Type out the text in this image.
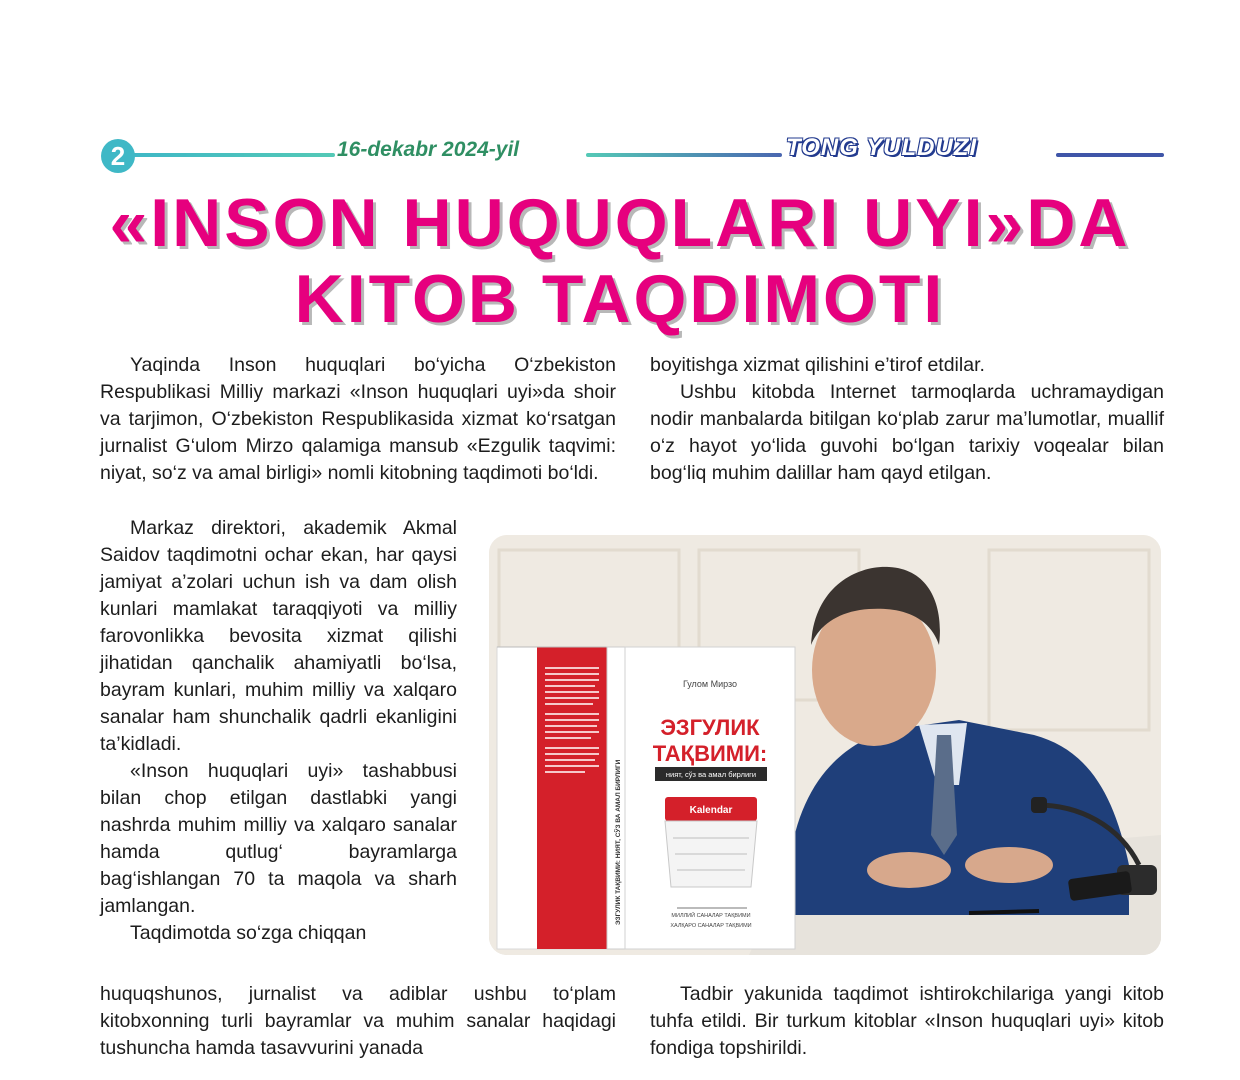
2	16-dekabr 2024-yil	TONG YULDUZI
«INSON HUQUQLARI UYI»DA
KITOB TAQDIMOTI

Yaqinda Inson huquqlari bo‘yicha O‘zbekiston Respublikasi Milliy markazi «Inson huquqlari uyi»da shoir va tarjimon, O‘zbekiston Respublikasida xizmat ko‘rsatgan jurnalist G‘ulom Mirzo qalamiga mansub «Ezgulik taqvimi: niyat, so‘z va amal birligi» nomli kitobning taqdimoti bo‘ldi.

Markaz direktori, akademik Akmal Saidov taqdimotni ochar ekan, har qaysi jamiyat a’zolari uchun ish va dam olish kunlari mamlakat taraqqiyoti va milliy farovonlikka bevosita xizmat qilishi jihatidan qanchalik ahamiyatli bo‘lsa, bayram kunlari, muhim milliy va xalqaro sanalar ham shunchalik qadrli ekanligini ta’kidladi.

«Inson huquqlari uyi» tashabbusi bilan chop etilgan dastlabki yangi nashrda muhim milliy va xalqaro sanalar hamda qutlug‘ bayramlarga bag‘ishlangan 70 ta maqola va sharh jamlangan.

Taqdimotda so‘zga chiqqan

huquqshunos, jurnalist va adiblar ushbu to‘plam kitobxonning turli bayramlar va muhim sanalar haqidagi tushuncha hamda tasavvurini yanada

boyitishga xizmat qilishini e’tirof etdilar.

Ushbu kitobda Internet tarmoqlarda uchramaydigan nodir manbalarda bitilgan ko‘plab zarur ma’lumotlar, muallif o‘z hayot yo‘lida guvohi bo‘lgan tarixiy voqealar bilan bog‘liq muhim dalillar ham qayd etilgan.

Tadbir yakunida taqdimot ishtirokchilariga yangi kitob tuhfa etildi. Bir turkum kitoblar «Inson huquqlari uyi» kitob fondiga topshirildi.

ЭЗГУЛИК ТАҚВИМИ: НИЯТ, СЎЗ ВА АМАЛ БИРЛИГИ
Гулом Мирзо
ЭЗГУЛИК
ТАҚВИМИ:
ният, сўз ва амал бирлиги
Kalendar
МИЛЛИЙ САНАЛАР ТАҚВИМИ
ХАЛҚАРО САНАЛАР ТАҚВИМИ
